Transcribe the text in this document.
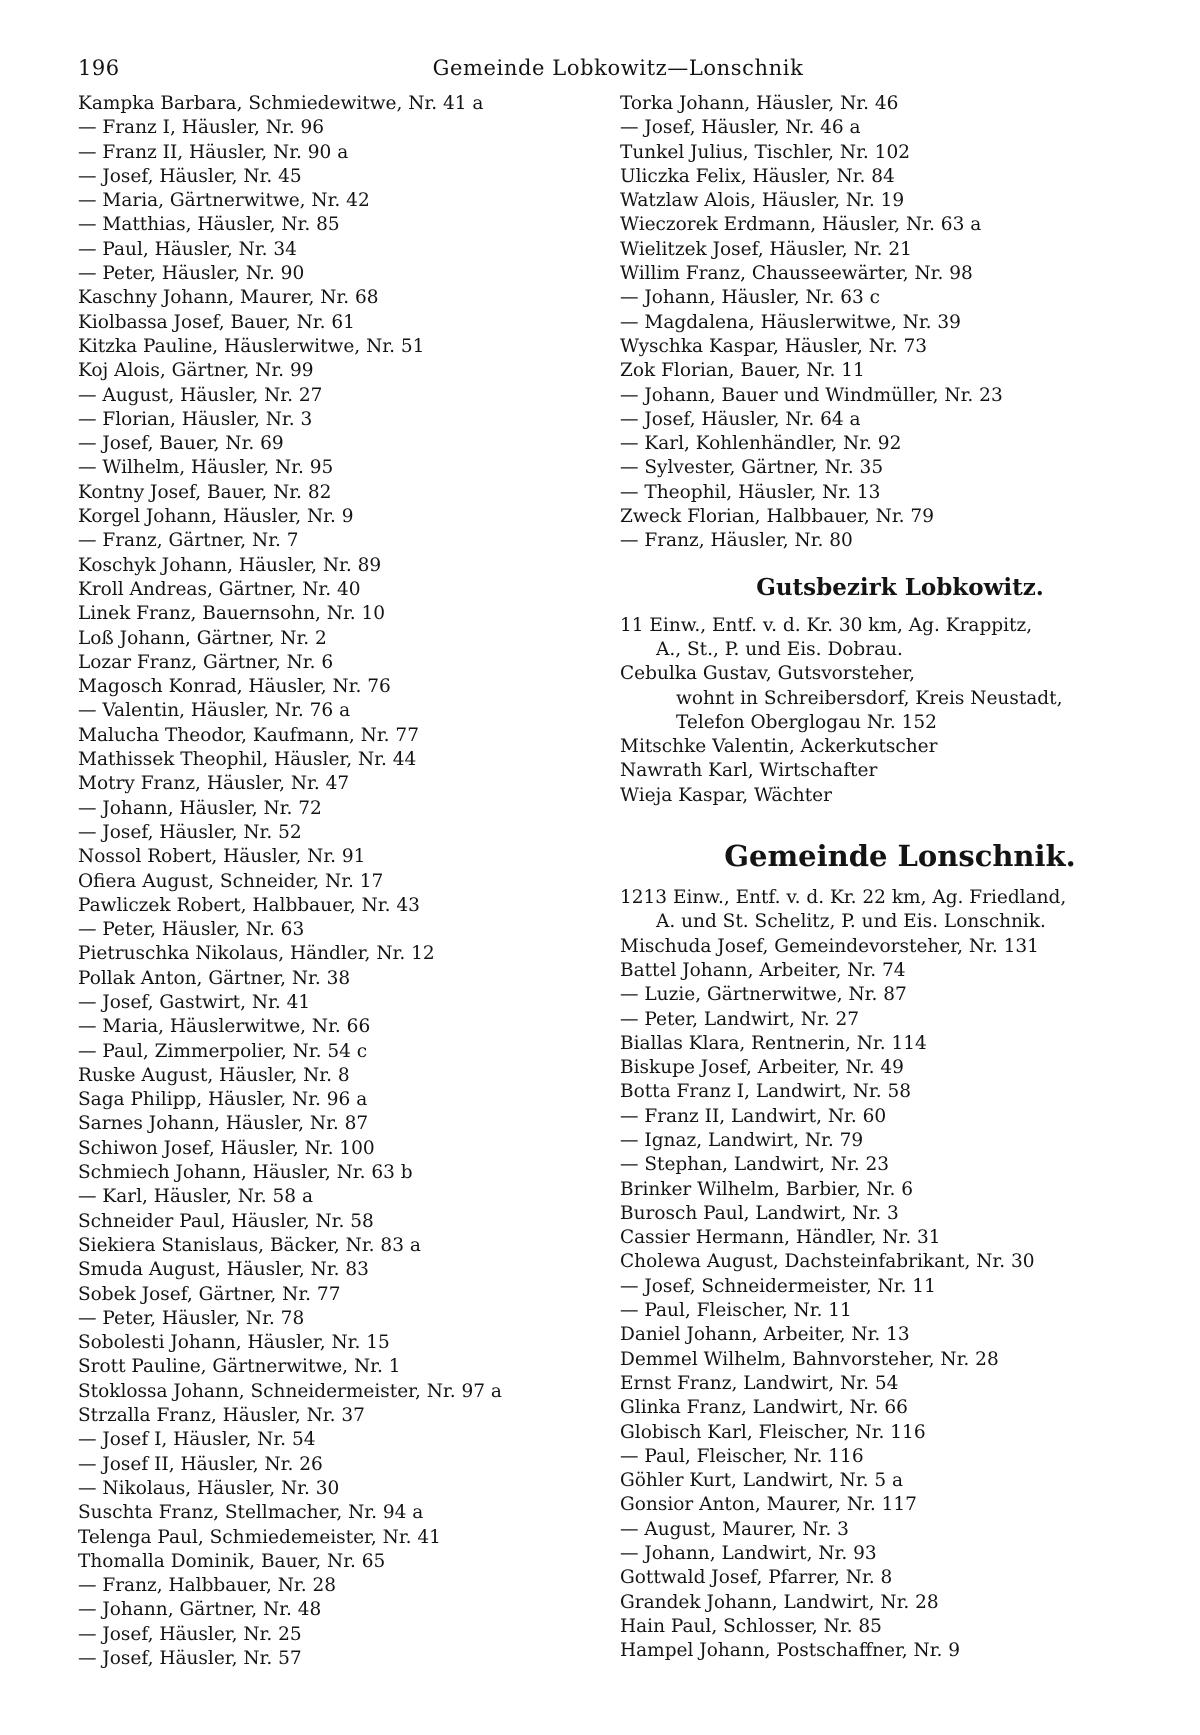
196	Gemeinde Lobkowitz—Lonschnik
Kampka Barbara, Schmiedewitwe, Nr. 41 a
— Franz I, Häusler, Nr. 96
— Franz II, Häusler, Nr. 90 a
— Josef, Häusler, Nr. 45
— Maria, Gärtnerwitwe, Nr. 42
— Matthias, Häusler, Nr. 85
— Paul, Häusler, Nr. 34
— Peter, Häusler, Nr. 90
Kaschny Johann, Maurer, Nr. 68
Kiolbassa Josef, Bauer, Nr. 61
Kitzka Pauline, Häuslerwitwe, Nr. 51
Koj Alois, Gärtner, Nr. 99
— August, Häusler, Nr. 27
— Florian, Häusler, Nr. 3
— Josef, Bauer, Nr. 69
— Wilhelm, Häusler, Nr. 95
Kontny Josef, Bauer, Nr. 82
Korgel Johann, Häusler, Nr. 9
— Franz, Gärtner, Nr. 7
Koschyk Johann, Häusler, Nr. 89
Kroll Andreas, Gärtner, Nr. 40
Linek Franz, Bauernsohn, Nr. 10
Loß Johann, Gärtner, Nr. 2
Lozar Franz, Gärtner, Nr. 6
Magosch Konrad, Häusler, Nr. 76
— Valentin, Häusler, Nr. 76 a
Malucha Theodor, Kaufmann, Nr. 77
Mathissek Theophil, Häusler, Nr. 44
Motry Franz, Häusler, Nr. 47
— Johann, Häusler, Nr. 72
— Josef, Häusler, Nr. 52
Nossol Robert, Häusler, Nr. 91
Ofiera August, Schneider, Nr. 17
Pawliczek Robert, Halbbauer, Nr. 43
— Peter, Häusler, Nr. 63
Pietruschka Nikolaus, Händler, Nr. 12
Pollak Anton, Gärtner, Nr. 38
— Josef, Gastwirt, Nr. 41
— Maria, Häuslerwitwe, Nr. 66
— Paul, Zimmerpolier, Nr. 54 c
Ruske August, Häusler, Nr. 8
Saga Philipp, Häusler, Nr. 96 a
Sarnes Johann, Häusler, Nr. 87
Schiwon Josef, Häusler, Nr. 100
Schmiech Johann, Häusler, Nr. 63 b
— Karl, Häusler, Nr. 58 a
Schneider Paul, Häusler, Nr. 58
Siekiera Stanislaus, Bäcker, Nr. 83 a
Smuda August, Häusler, Nr. 83
Sobek Josef, Gärtner, Nr. 77
— Peter, Häusler, Nr. 78
Sobolesti Johann, Häusler, Nr. 15
Srott Pauline, Gärtnerwitwe, Nr. 1
Stoklossa Johann, Schneidermeister, Nr. 97 a
Strzalla Franz, Häusler, Nr. 37
— Josef I, Häusler, Nr. 54
— Josef II, Häusler, Nr. 26
— Nikolaus, Häusler, Nr. 30
Suschta Franz, Stellmacher, Nr. 94 a
Telenga Paul, Schmiedemeister, Nr. 41
Thomalla Dominik, Bauer, Nr. 65
— Franz, Halbbauer, Nr. 28
— Johann, Gärtner, Nr. 48
— Josef, Häusler, Nr. 25
— Josef, Häusler, Nr. 57
Torka Johann, Häusler, Nr. 46
— Josef, Häusler, Nr. 46 a
Tunkel Julius, Tischler, Nr. 102
Uliczka Felix, Häusler, Nr. 84
Watzlaw Alois, Häusler, Nr. 19
Wieczorek Erdmann, Häusler, Nr. 63 a
Wielitzek Josef, Häusler, Nr. 21
Willim Franz, Chausseewärter, Nr. 98
— Johann, Häusler, Nr. 63 c
— Magdalena, Häuslerwitwe, Nr. 39
Wyschka Kaspar, Häusler, Nr. 73
Zok Florian, Bauer, Nr. 11
— Johann, Bauer und Windmüller, Nr. 23
— Josef, Häusler, Nr. 64 a
— Karl, Kohlenhändler, Nr. 92
— Sylvester, Gärtner, Nr. 35
— Theophil, Häusler, Nr. 13
Zweck Florian, Halbbauer, Nr. 79
— Franz, Häusler, Nr. 80
Gutsbezirk Lobkowitz.
11 Einw., Entf. v. d. Kr. 30 km, Ag. Krappitz,
A., St., P. und Eis. Dobrau.
Cebulka Gustav, Gutsvorsteher,
wohnt in Schreibersdorf, Kreis Neustadt,
Telefon Oberglogau Nr. 152
Mitschke Valentin, Ackerkutscher
Nawrath Karl, Wirtschafter
Wieja Kaspar, Wächter
Gemeinde Lonschnik.
1213 Einw., Entf. v. d. Kr. 22 km, Ag. Friedland,
A. und St. Schelitz, P. und Eis. Lonschnik.
Mischuda Josef, Gemeindevorsteher, Nr. 131
Battel Johann, Arbeiter, Nr. 74
— Luzie, Gärtnerwitwe, Nr. 87
— Peter, Landwirt, Nr. 27
Biallas Klara, Rentnerin, Nr. 114
Biskupe Josef, Arbeiter, Nr. 49
Botta Franz I, Landwirt, Nr. 58
— Franz II, Landwirt, Nr. 60
— Ignaz, Landwirt, Nr. 79
— Stephan, Landwirt, Nr. 23
Brinker Wilhelm, Barbier, Nr. 6
Burosch Paul, Landwirt, Nr. 3
Cassier Hermann, Händler, Nr. 31
Cholewa August, Dachsteinfabrikant, Nr. 30
— Josef, Schneidermeister, Nr. 11
— Paul, Fleischer, Nr. 11
Daniel Johann, Arbeiter, Nr. 13
Demmel Wilhelm, Bahnvorsteher, Nr. 28
Ernst Franz, Landwirt, Nr. 54
Glinka Franz, Landwirt, Nr. 66
Globisch Karl, Fleischer, Nr. 116
— Paul, Fleischer, Nr. 116
Göhler Kurt, Landwirt, Nr. 5 a
Gonsior Anton, Maurer, Nr. 117
— August, Maurer, Nr. 3
— Johann, Landwirt, Nr. 93
Gottwald Josef, Pfarrer, Nr. 8
Grandek Johann, Landwirt, Nr. 28
Hain Paul, Schlosser, Nr. 85
Hampel Johann, Postschaffner, Nr. 9
